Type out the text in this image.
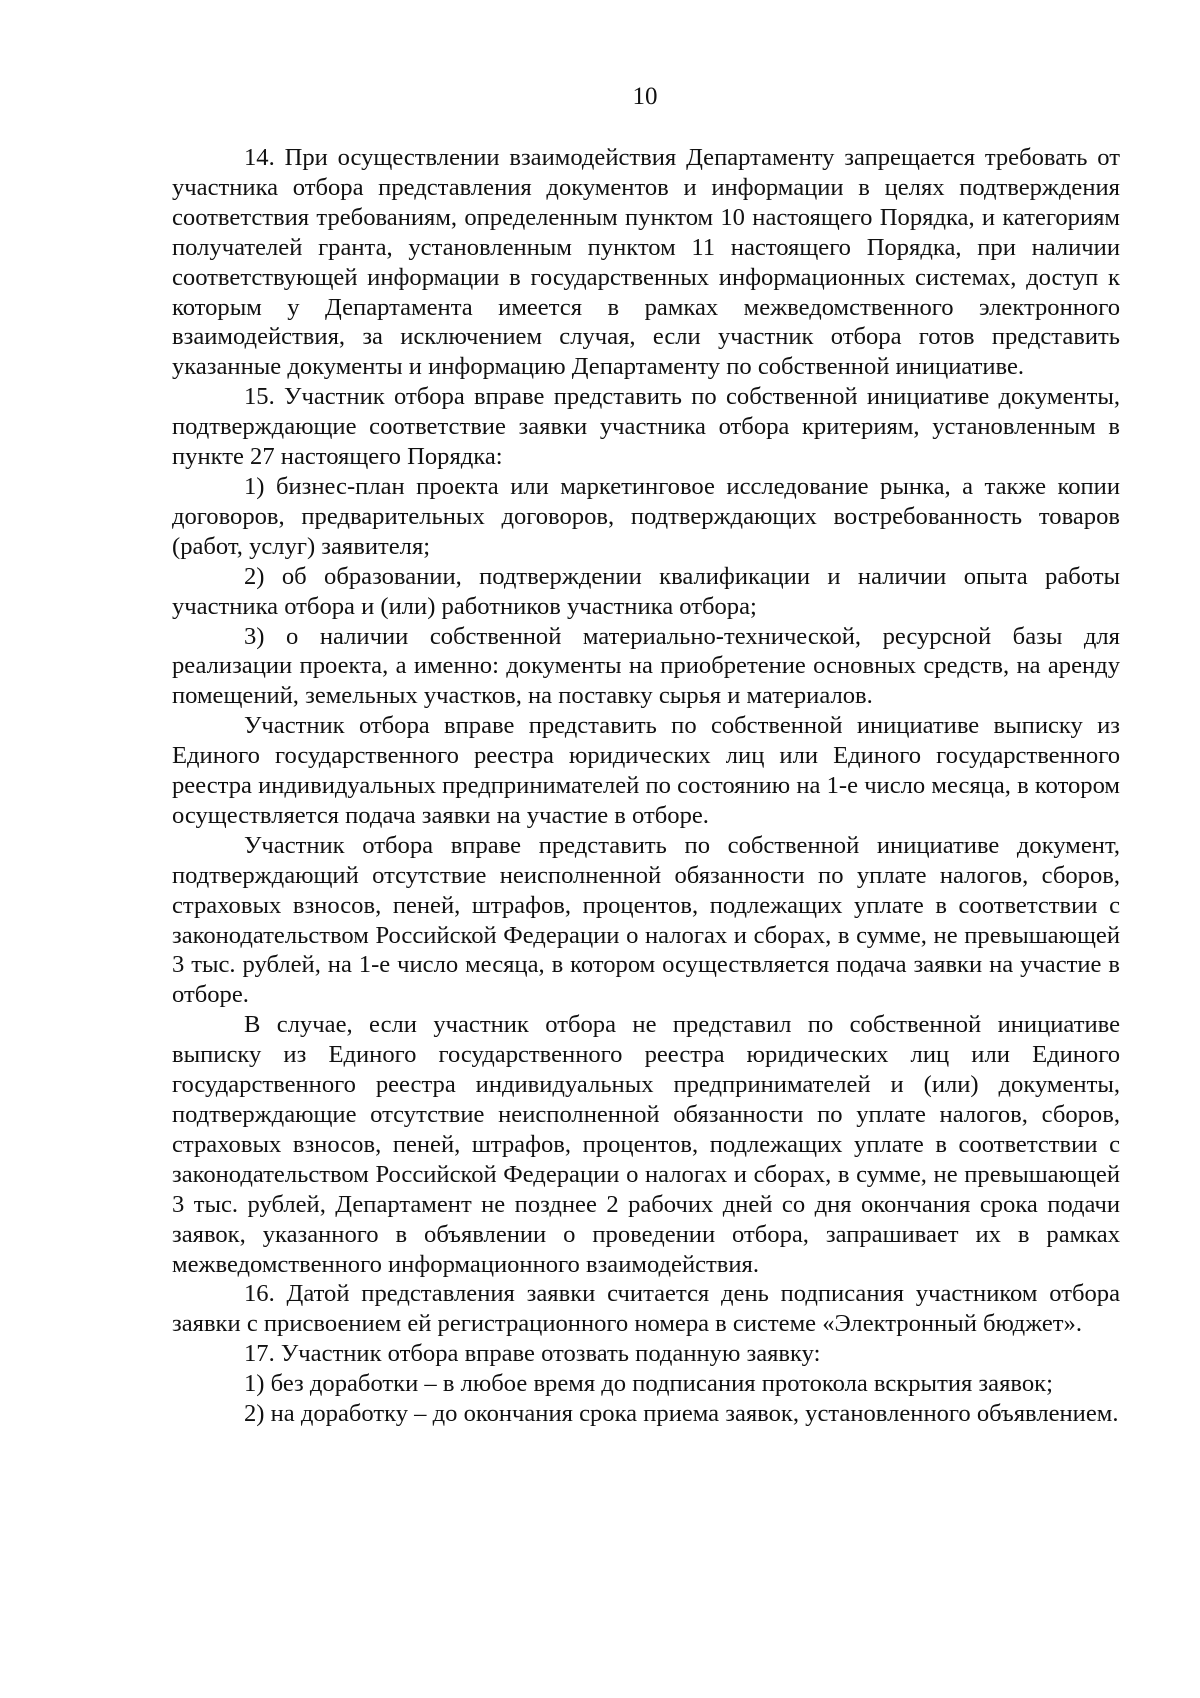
10

14. При осуществлении взаимодействия Департаменту запрещается требовать от участника отбора представления документов и информации в целях подтверждения соответствия требованиям, определенным пунктом 10 настоящего Порядка, и категориям получателей гранта, установленным пунктом 11 настоящего Порядка, при наличии соответствующей информации в государственных информационных системах, доступ к которым у Департамента имеется в рамках межведомственного электронного взаимодействия, за исключением случая, если участник отбора готов представить указанные документы и информацию Департаменту по собственной инициативе.

15. Участник отбора вправе представить по собственной инициативе документы, подтверждающие соответствие заявки участника отбора критериям, установленным в пункте 27 настоящего Порядка:

1) бизнес-план проекта или маркетинговое исследование рынка, а также копии договоров, предварительных договоров, подтверждающих востребованность товаров (работ, услуг) заявителя;

2) об образовании, подтверждении квалификации и наличии опыта работы участника отбора и (или) работников участника отбора;

3) о наличии собственной материально-технической, ресурсной базы для реализации проекта, а именно: документы на приобретение основных средств, на аренду помещений, земельных участков, на поставку сырья и материалов.

Участник отбора вправе представить по собственной инициативе выписку из Единого государственного реестра юридических лиц или Единого государственного реестра индивидуальных предпринимателей по состоянию на 1-е число месяца, в котором осуществляется подача заявки на участие в отборе.

Участник отбора вправе представить по собственной инициативе документ, подтверждающий отсутствие неисполненной обязанности по уплате налогов, сборов, страховых взносов, пеней, штрафов, процентов, подлежащих уплате в соответствии с законодательством Российской Федерации о налогах и сборах, в сумме, не превышающей 3 тыс. рублей, на 1-е число месяца, в котором осуществляется подача заявки на участие в отборе.

В случае, если участник отбора не представил по собственной инициативе выписку из Единого государственного реестра юридических лиц или Единого государственного реестра индивидуальных предпринимателей и (или) документы, подтверждающие отсутствие неисполненной обязанности по уплате налогов, сборов, страховых взносов, пеней, штрафов, процентов, подлежащих уплате в соответствии с законодательством Российской Федерации о налогах и сборах, в сумме, не превышающей 3 тыс. рублей, Департамент не позднее 2 рабочих дней со дня окончания срока подачи заявок, указанного в объявлении о проведении отбора, запрашивает их в рамках межведомственного информационного взаимодействия.

16. Датой представления заявки считается день подписания участником отбора заявки с присвоением ей регистрационного номера в системе «Электронный бюджет».

17. Участник отбора вправе отозвать поданную заявку:

1) без доработки – в любое время до подписания протокола вскрытия заявок;

2) на доработку – до окончания срока приема заявок, установленного объявлением.
